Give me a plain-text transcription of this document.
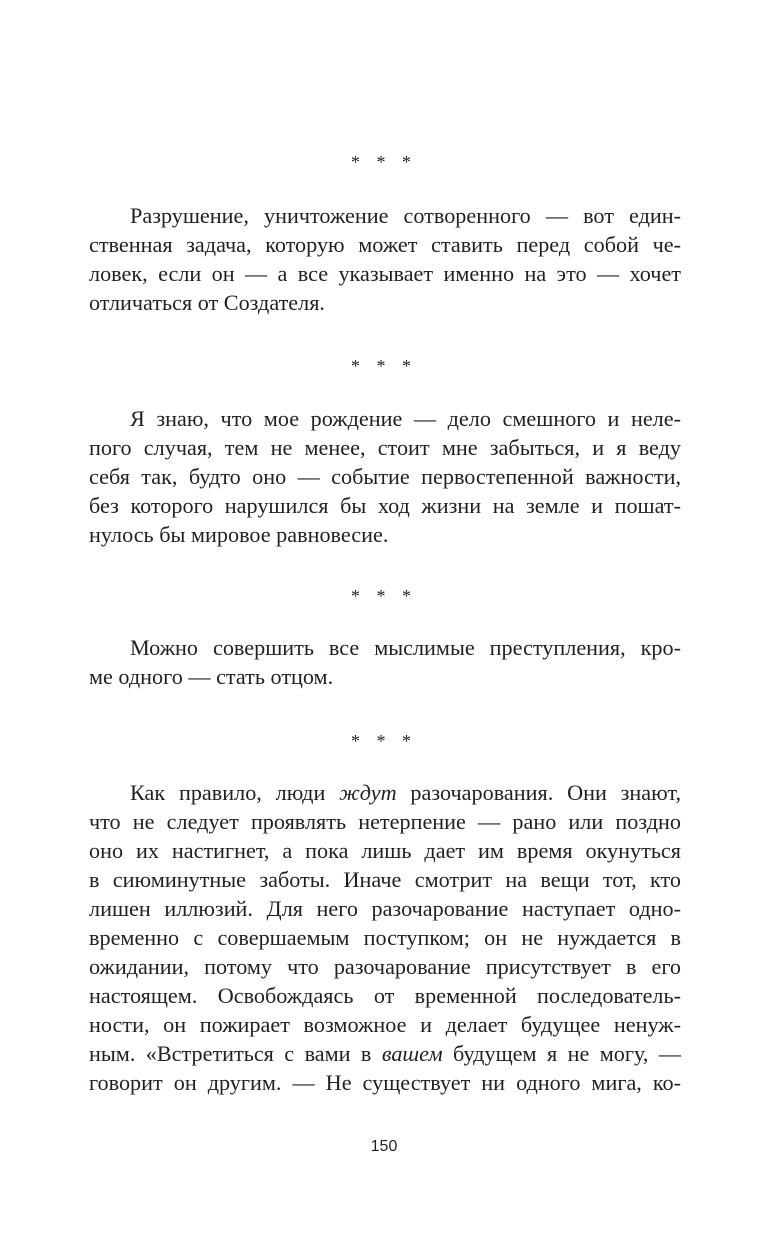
* * *
Разрушение, уничтожение сотворенного — вот един-
ственная задача, которую может ставить перед собой че-
ловек, если он — а все указывает именно на это — хочет
отличаться от Создателя.
* * *
Я знаю, что мое рождение — дело смешного и неле-
пого случая, тем не менее, стоит мне забыться, и я веду
себя так, будто оно — событие первостепенной важности,
без которого нарушился бы ход жизни на земле и пошат-
нулось бы мировое равновесие.
* * *
Можно совершить все мыслимые преступления, кро-
ме одного — стать отцом.
* * *
Как правило, люди ждут разочарования. Они знают,
что не следует проявлять нетерпение — рано или поздно
оно их настигнет, а пока лишь дает им время окунуться
в сиюминутные заботы. Иначе смотрит на вещи тот, кто
лишен иллюзий. Для него разочарование наступает одно-
временно с совершаемым поступком; он не нуждается в
ожидании, потому что разочарование присутствует в его
настоящем. Освобождаясь от временной последователь-
ности, он пожирает возможное и делает будущее ненуж-
ным. «Встретиться с вами в вашем будущем я не могу, —
говорит он другим. — Не существует ни одного мига, ко-
150
